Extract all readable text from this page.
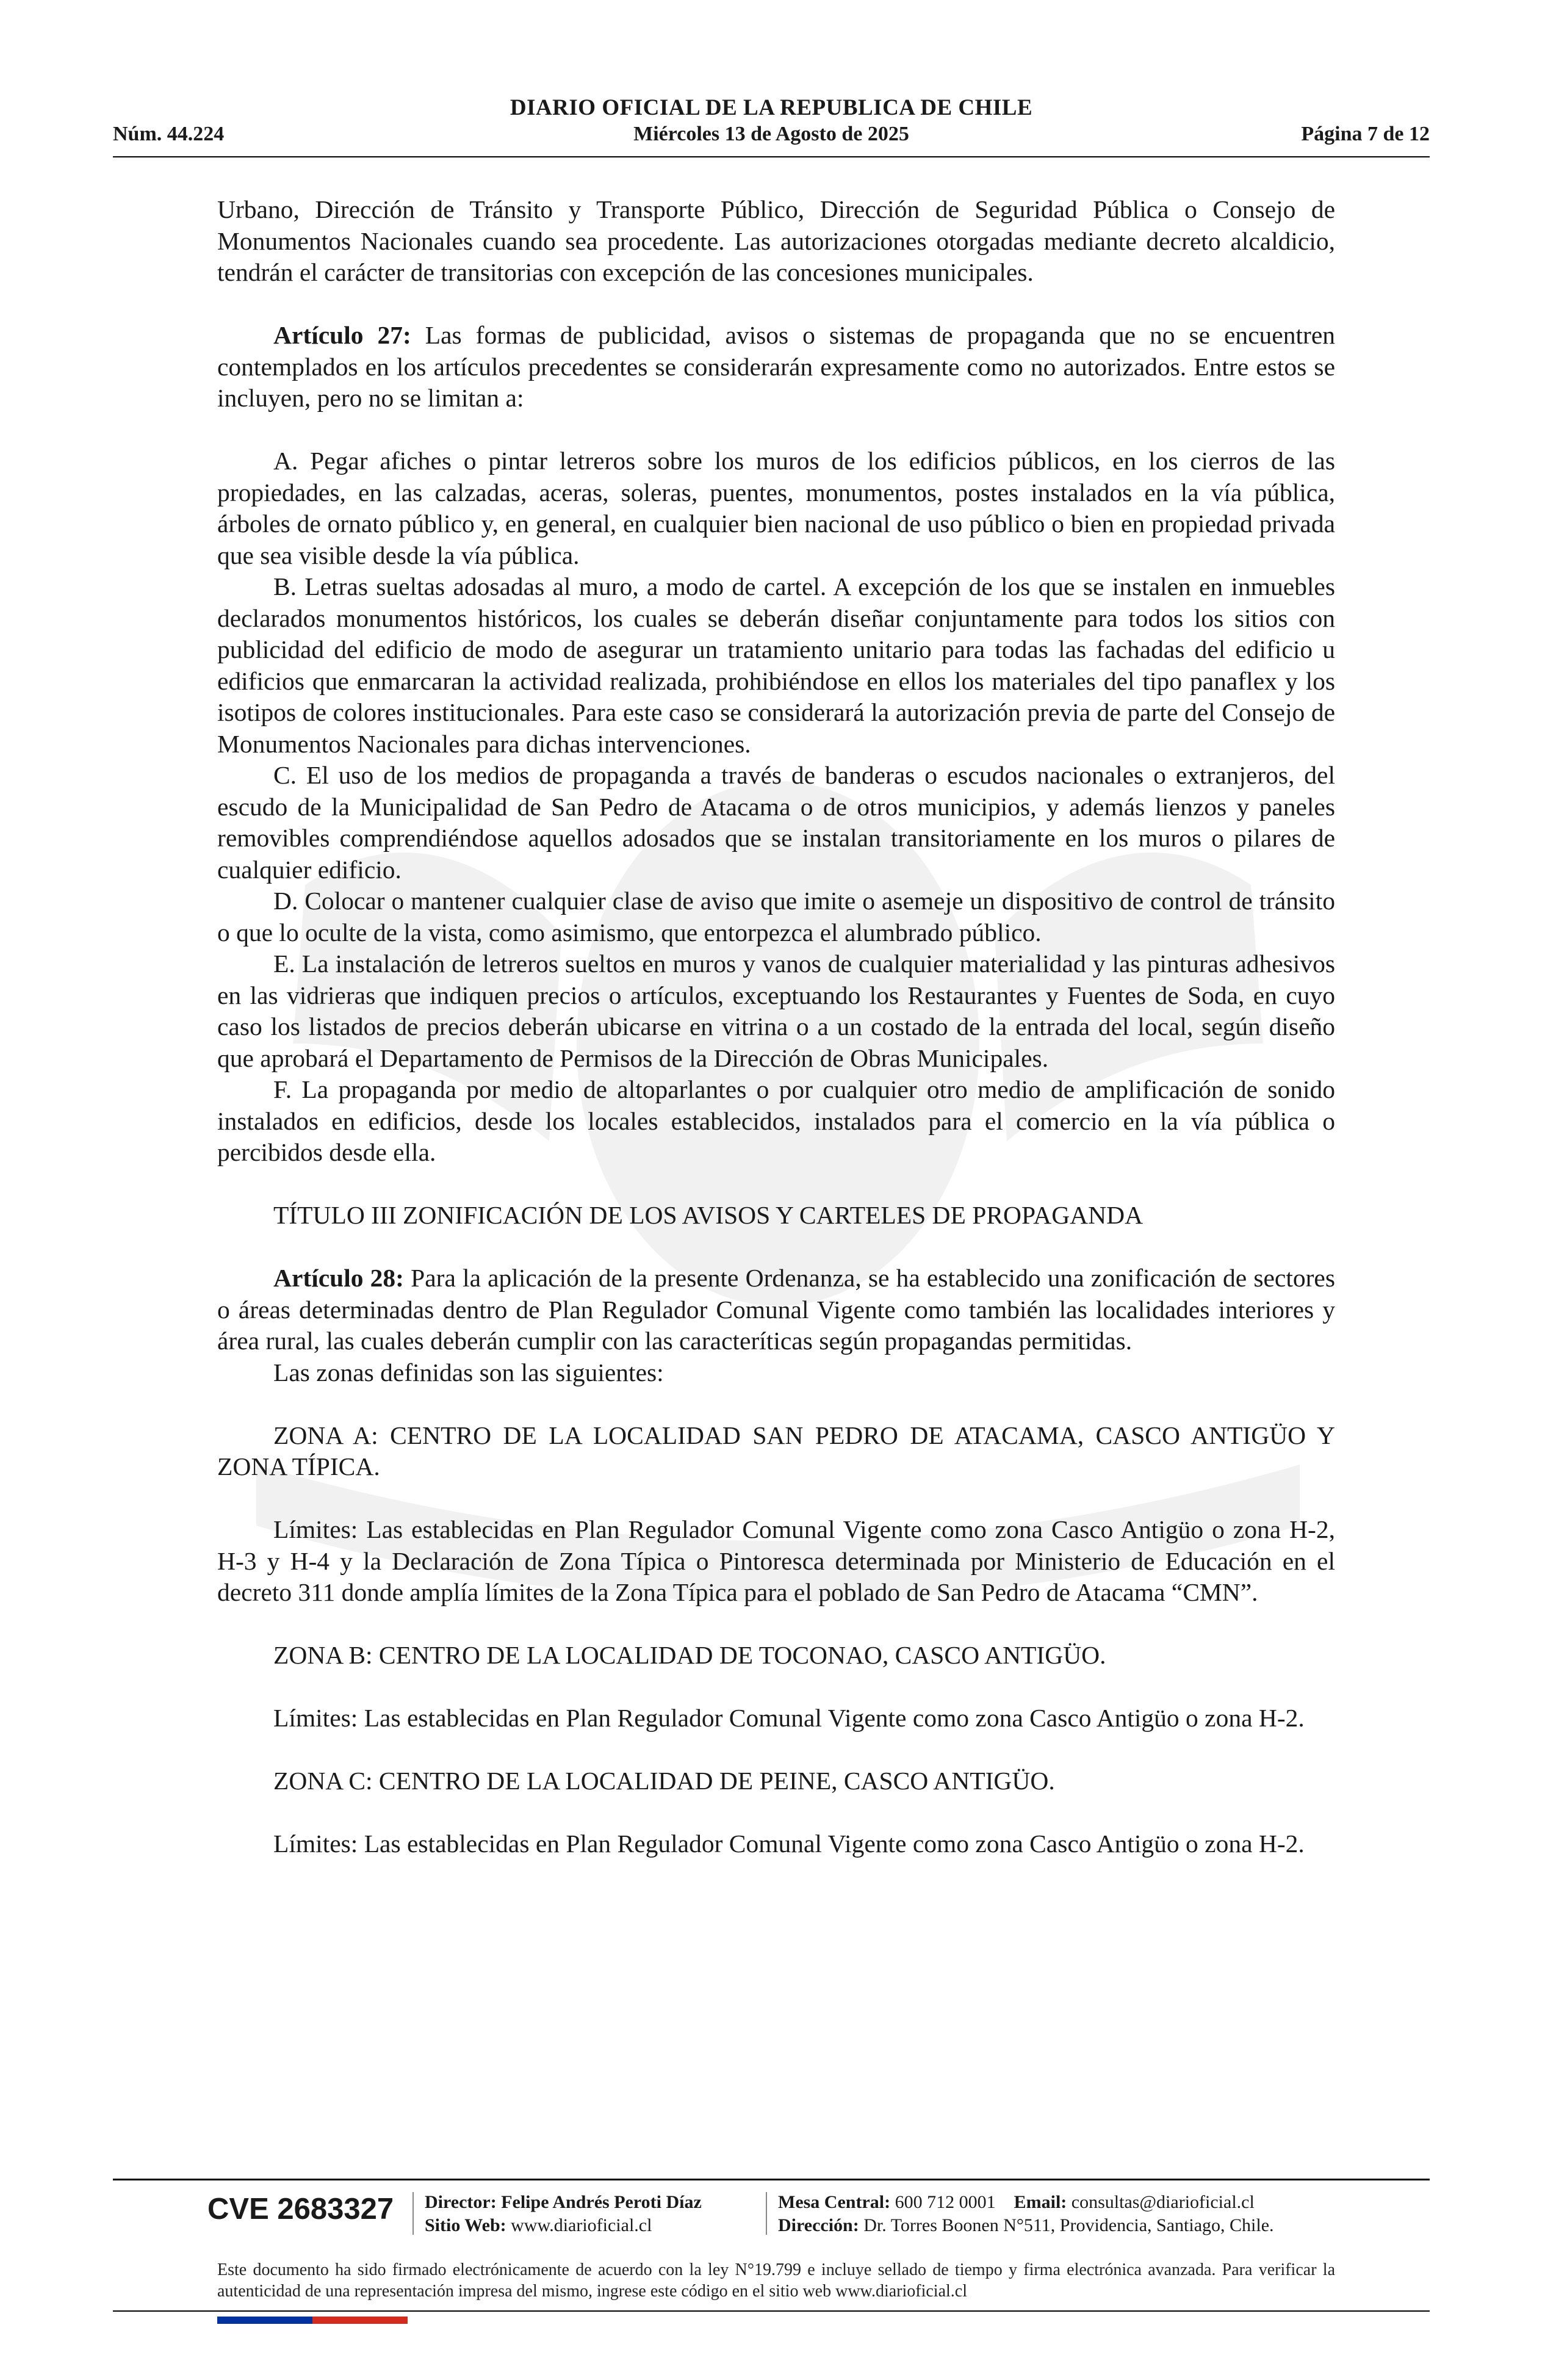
DIARIO OFICIAL DE LA REPUBLICA DE CHILE
Núm. 44.224	Miércoles 13 de Agosto de 2025	Página 7 de 12

Urbano, Dirección de Tránsito y Transporte Público, Dirección de Seguridad Pública o Consejo de Monumentos Nacionales cuando sea procedente. Las autorizaciones otorgadas mediante decreto alcaldicio, tendrán el carácter de transitorias con excepción de las concesiones municipales.

Artículo 27: Las formas de publicidad, avisos o sistemas de propaganda que no se encuentren contemplados en los artículos precedentes se considerarán expresamente como no autorizados. Entre estos se incluyen, pero no se limitan a:

A. Pegar afiches o pintar letreros sobre los muros de los edificios públicos, en los cierros de las propiedades, en las calzadas, aceras, soleras, puentes, monumentos, postes instalados en la vía pública, árboles de ornato público y, en general, en cualquier bien nacional de uso público o bien en propiedad privada que sea visible desde la vía pública.

B. Letras sueltas adosadas al muro, a modo de cartel. A excepción de los que se instalen en inmuebles declarados monumentos históricos, los cuales se deberán diseñar conjuntamente para todos los sitios con publicidad del edificio de modo de asegurar un tratamiento unitario para todas las fachadas del edificio u edificios que enmarcaran la actividad realizada, prohibiéndose en ellos los materiales del tipo panaflex y los isotipos de colores institucionales. Para este caso se considerará la autorización previa de parte del Consejo de Monumentos Nacionales para dichas intervenciones.

C. El uso de los medios de propaganda a través de banderas o escudos nacionales o extranjeros, del escudo de la Municipalidad de San Pedro de Atacama o de otros municipios, y además lienzos y paneles removibles comprendiéndose aquellos adosados que se instalan transitoriamente en los muros o pilares de cualquier edificio.

D. Colocar o mantener cualquier clase de aviso que imite o asemeje un dispositivo de control de tránsito o que lo oculte de la vista, como asimismo, que entorpezca el alumbrado público.

E. La instalación de letreros sueltos en muros y vanos de cualquier materialidad y las pinturas adhesivos en las vidrieras que indiquen precios o artículos, exceptuando los Restaurantes y Fuentes de Soda, en cuyo caso los listados de precios deberán ubicarse en vitrina o a un costado de la entrada del local, según diseño que aprobará el Departamento de Permisos de la Dirección de Obras Municipales.

F. La propaganda por medio de altoparlantes o por cualquier otro medio de amplificación de sonido instalados en edificios, desde los locales establecidos, instalados para el comercio en la vía pública o percibidos desde ella.

TÍTULO III ZONIFICACIÓN DE LOS AVISOS Y CARTELES DE PROPAGANDA

Artículo 28: Para la aplicación de la presente Ordenanza, se ha establecido una zonificación de sectores o áreas determinadas dentro de Plan Regulador Comunal Vigente como también las localidades interiores y área rural, las cuales deberán cumplir con las caracteríticas según propagandas permitidas.

Las zonas definidas son las siguientes:

ZONA A: CENTRO DE LA LOCALIDAD SAN PEDRO DE ATACAMA, CASCO ANTIGÜO Y ZONA TÍPICA.

Límites: Las establecidas en Plan Regulador Comunal Vigente como zona Casco Antigüo o zona H-2, H-3 y H-4 y la Declaración de Zona Típica o Pintoresca determinada por Ministerio de Educación en el decreto 311 donde amplía límites de la Zona Típica para el poblado de San Pedro de Atacama “CMN”.

ZONA B: CENTRO DE LA LOCALIDAD DE TOCONAO, CASCO ANTIGÜO.

Límites: Las establecidas en Plan Regulador Comunal Vigente como zona Casco Antigüo o zona H-2.

ZONA C: CENTRO DE LA LOCALIDAD DE PEINE, CASCO ANTIGÜO.

Límites: Las establecidas en Plan Regulador Comunal Vigente como zona Casco Antigüo o zona H-2.

CVE 2683327 Director: Felipe Andrés Peroti Díaz
Sitio Web: www.diarioficial.cl
Mesa Central: 600 712 0001 Email: consultas@diarioficial.cl
Dirección: Dr. Torres Boonen N°511, Providencia, Santiago, Chile.
Este documento ha sido firmado electrónicamente de acuerdo con la ley N°19.799 e incluye sellado de tiempo y firma electrónica avanzada. Para verificar la autenticidad de una representación impresa del mismo, ingrese este código en el sitio web www.diarioficial.cl
